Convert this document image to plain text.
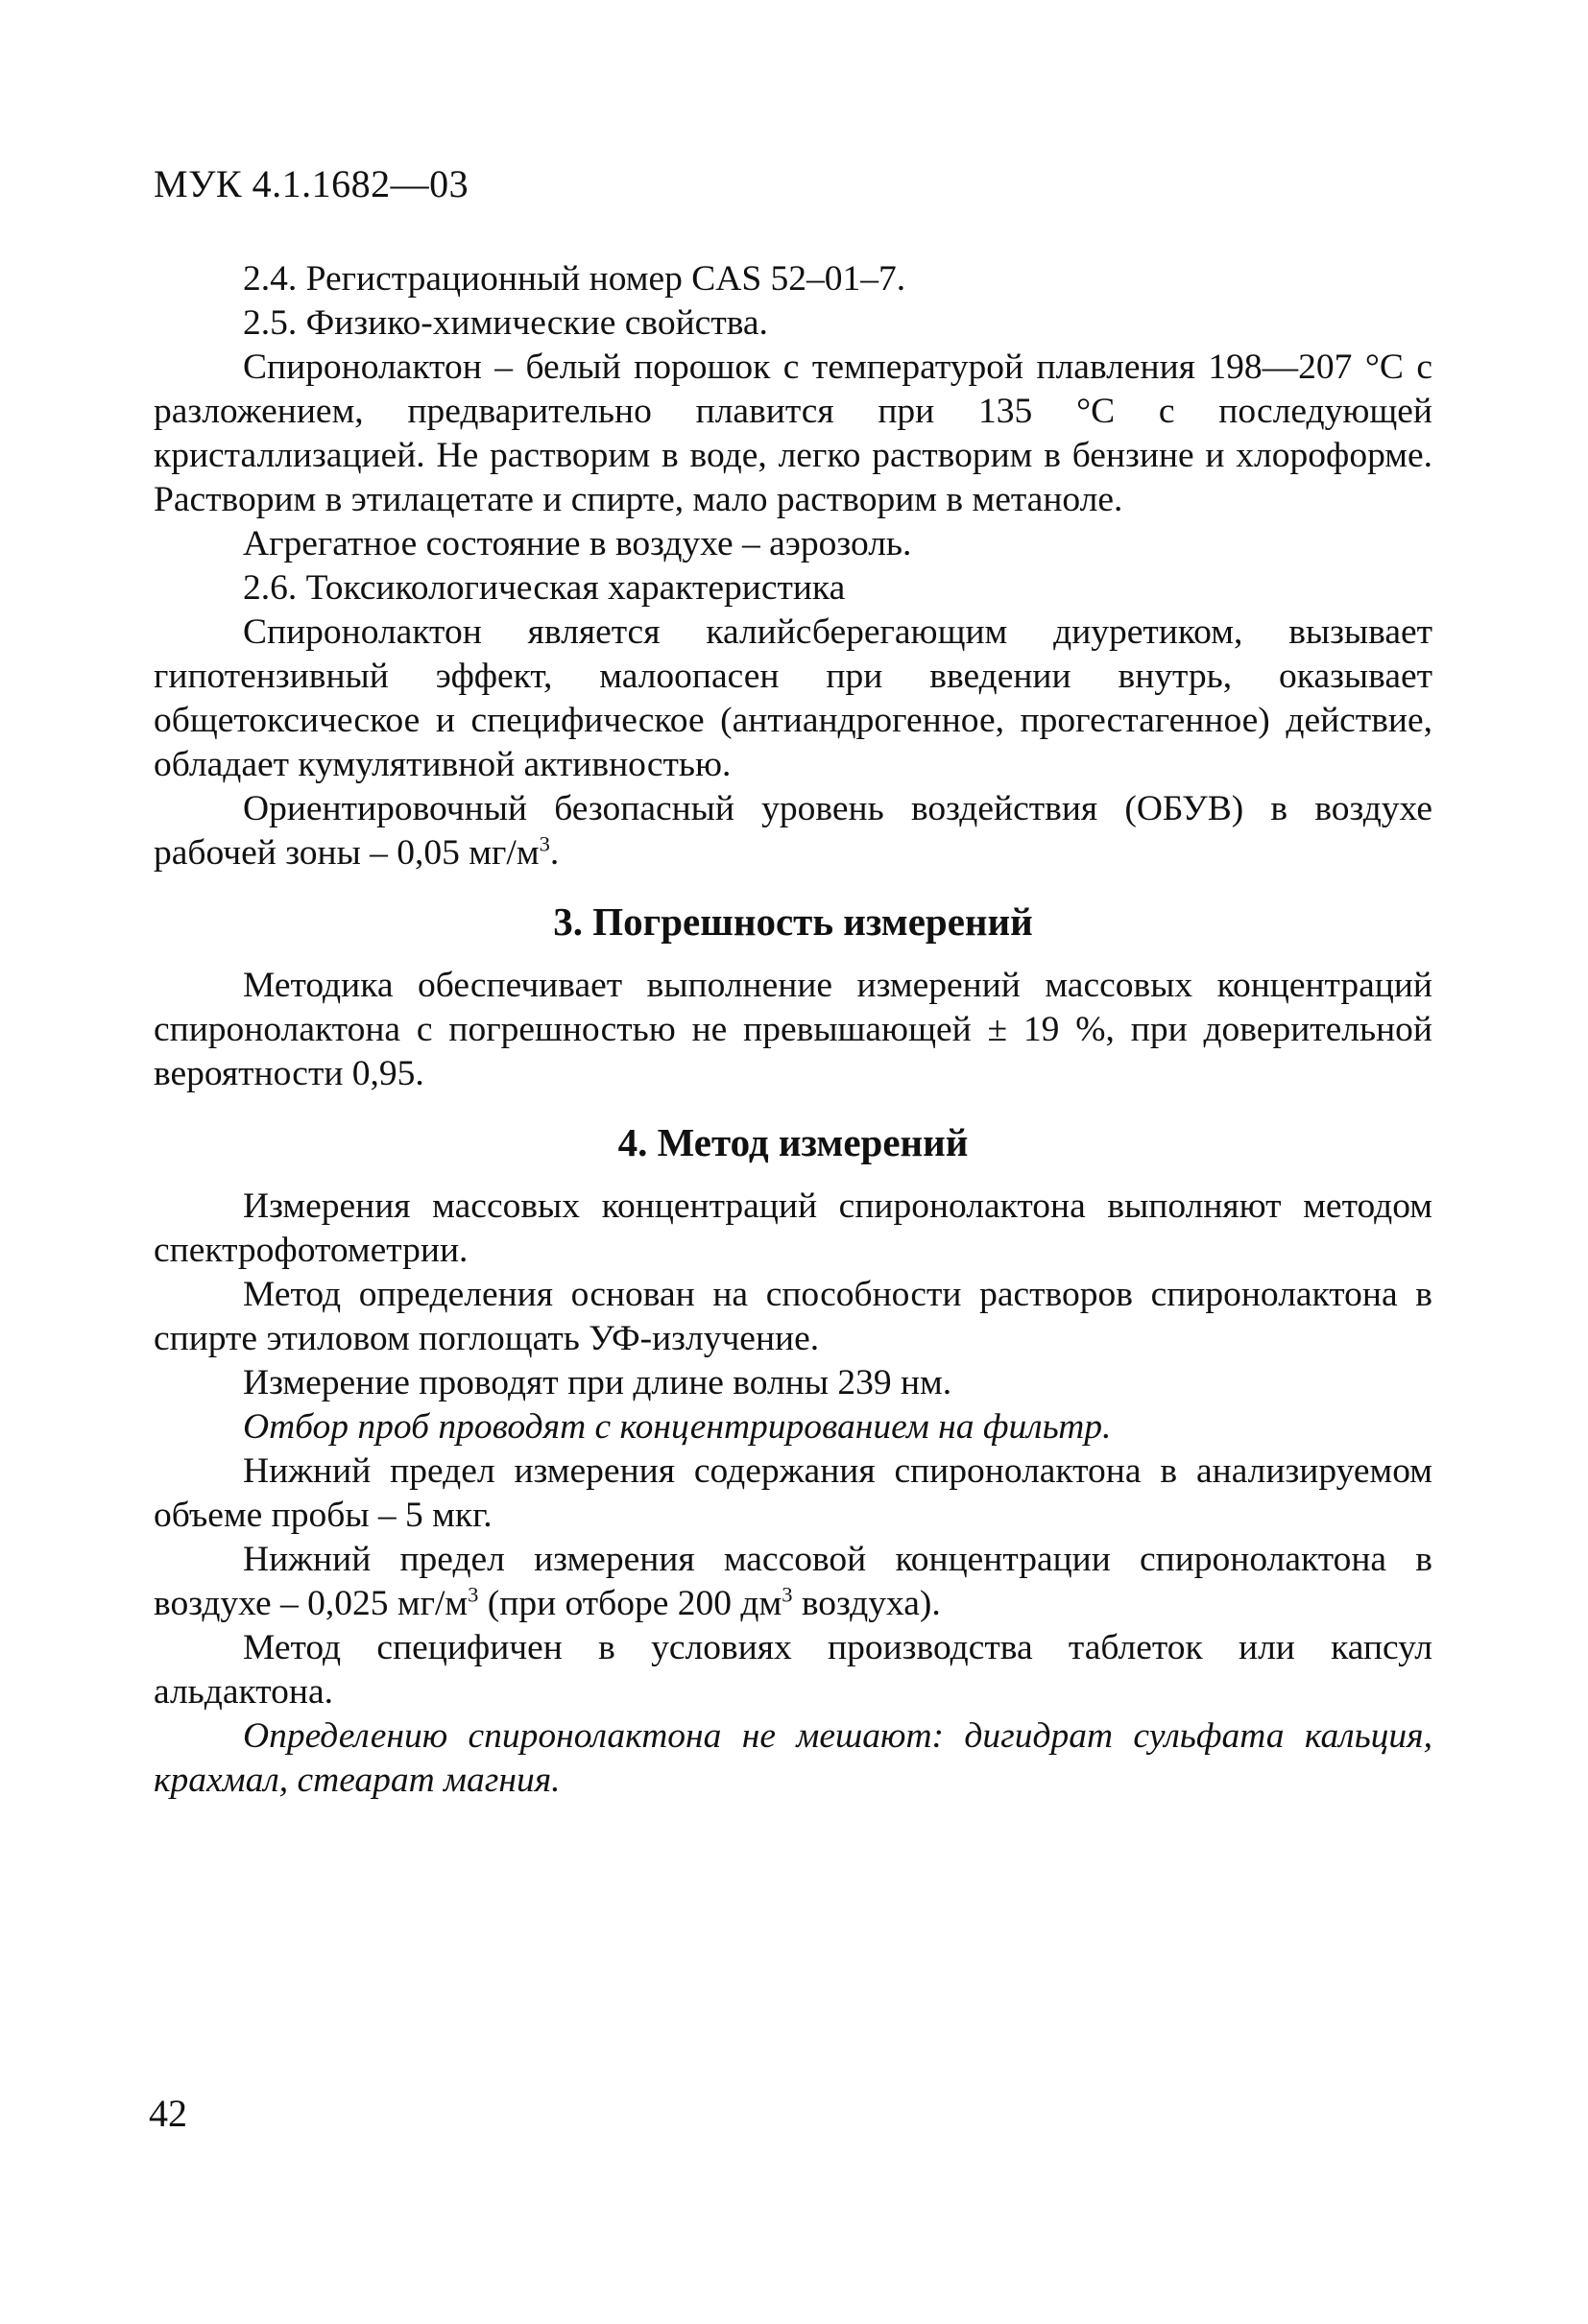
МУК 4.1.1682—03

2.4. Регистрационный номер CAS 52–01–7.

2.5. Физико-химические свойства.

Спиронолактон – белый порошок с температурой плавления 198—207 °С с разложением, предварительно плавится при 135 °С с последующей кристаллизацией. Не растворим в воде, легко растворим в бензине и хлороформе. Растворим в этилацетате и спирте, мало растворим в метаноле.

Агрегатное состояние в воздухе – аэрозоль.

2.6. Токсикологическая характеристика

Спиронолактон является калийсберегающим диуретиком, вызывает гипотензивный эффект, малоопасен при введении внутрь, оказывает общетоксическое и специфическое (антиандрогенное, прогестагенное) действие, обладает кумулятивной активностью.

Ориентировочный безопасный уровень воздействия (ОБУВ) в воздухе рабочей зоны – 0,05 $мг/м^3$.

3. Погрешность измерений

Методика обеспечивает выполнение измерений массовых концентраций спиронолактона с погрешностью не превышающей ± 19 %, при доверительной вероятности 0,95.

4. Метод измерений

Измерения массовых концентраций спиронолактона выполняют методом спектрофотометрии.

Метод определения основан на способности растворов спиронолактона в спирте этиловом поглощать УФ-излучение.

Измерение проводят при длине волны 239 нм.

Отбор проб проводят с концентрированием на фильтр.

Нижний предел измерения содержания спиронолактона в анализируемом объеме пробы – 5 мкг.

Нижний предел измерения массовой концентрации спиронолактона в воздухе – 0,025 $мг/м^3$ (при отборе 200 $дм^3$ воздуха).

Метод специфичен в условиях производства таблеток или капсул альдактона.

Определению спиронолактона не мешают: дигидрат сульфата кальция, крахмал, стеарат магния.

42
